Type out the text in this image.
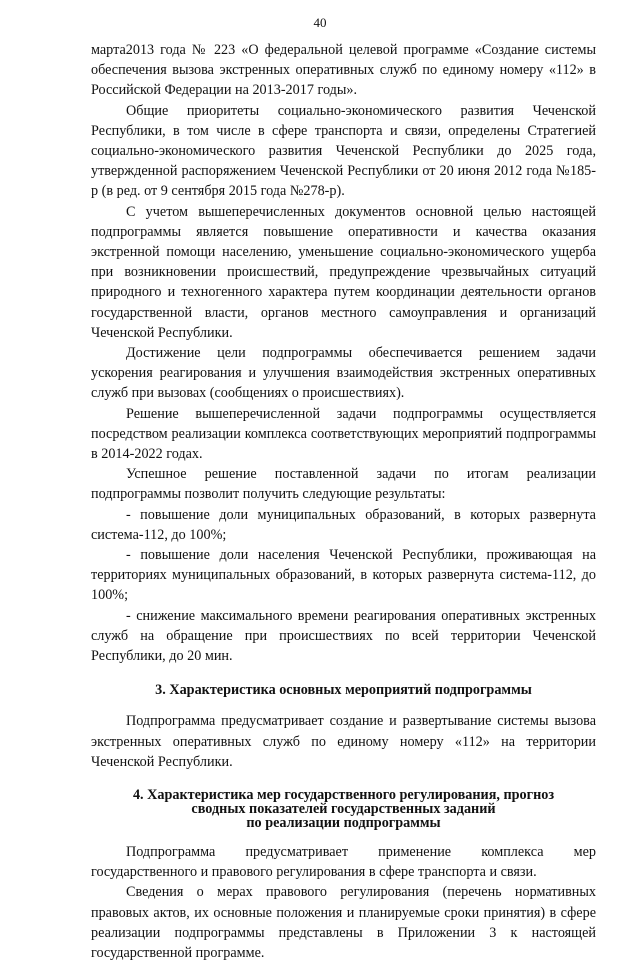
40

марта2013 года № 223 «О федеральной целевой программе «Создание системы обеспечения вызова экстренных оперативных служб по единому номеру «112» в Российской Федерации на 2013-2017 годы».

Общие приоритеты социально-экономического развития Чеченской Республики, в том числе в сфере транспорта и связи, определены Стратегией социально-экономического развития Чеченской Республики до 2025 года, утвержденной распоряжением Чеченской Республики от 20 июня 2012 года №185-р (в ред. от 9 сентября 2015 года №278-р).

С учетом вышеперечисленных документов основной целью настоящей подпрограммы является повышение оперативности и качества оказания экстренной помощи населению, уменьшение социально-экономического ущерба при возникновении происшествий, предупреждение чрезвычайных ситуаций природного и техногенного характера путем координации деятельности органов государственной власти, органов местного самоуправления и организаций Чеченской Республики.

Достижение цели подпрограммы обеспечивается решением задачи ускорения реагирования и улучшения взаимодействия экстренных оперативных служб при вызовах (сообщениях о происшествиях).

Решение вышеперечисленной задачи подпрограммы осуществляется посредством реализации комплекса соответствующих мероприятий подпрограммы в 2014-2022 годах.

Успешное решение поставленной задачи по итогам реализации подпрограммы позволит получить следующие результаты:

- повышение доли муниципальных образований, в которых развернута система-112, до 100%;

- повышение доли населения Чеченской Республики, проживающая на территориях муниципальных образований, в которых развернута система-112, до 100%;

- снижение максимального времени реагирования оперативных экстренных служб на обращение при происшествиях по всей территории Чеченской Республики, до 20 мин.

3. Характеристика основных мероприятий подпрограммы

Подпрограмма предусматривает создание и развертывание системы вызова экстренных оперативных служб по единому номеру «112» на территории Чеченской Республики.

4. Характеристика мер государственного регулирования, прогноз
сводных показателей государственных заданий
по реализации подпрограммы

Подпрограмма предусматривает применение комплекса мер государственного и правового регулирования в сфере транспорта и связи.

Сведения о мерах правового регулирования (перечень нормативных правовых актов, их основные положения и планируемые сроки принятия) в сфере реализации подпрограммы представлены в Приложении 3 к настоящей государственной программе.
